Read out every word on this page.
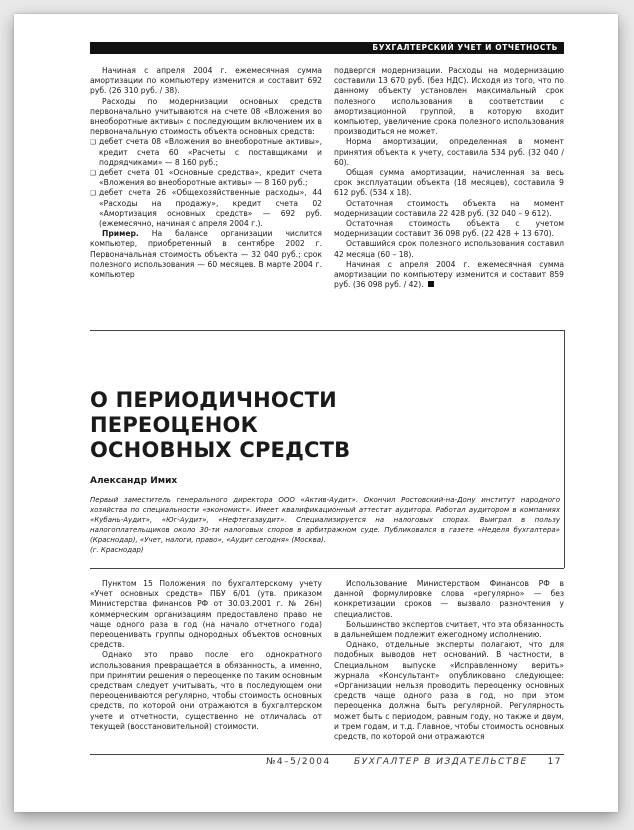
БУХГАЛТЕРСКИЙ УЧЕТ И ОТЧЕТНОСТЬ

Начиная с апреля 2004 г. ежемесячная сумма амортизации по компьютеру изменится и составит 692 руб. (26 310 руб. / 38).

Расходы по модернизации основных средств первоначально учитываются на счете 08 «Вложения во внеоборотные активы» с последующим включением их в первоначальную стоимость объекта основных средств:

❑ дебет счета 08 «Вложения во внеоборотные активы», кредит счета 60 «Расчеты с поставщиками и подрядчиками» — 8 160 руб.;

❑ дебет счета 01 «Основные средства», кредит счета «Вложения во внеоборотные активы» — 8 160 руб.;

❑ дебет счета 26 «Общехозяйственные расходы», 44 «Расходы на продажу», кредит счета 02 «Амортизация основных средств» — 692 руб. (ежемесячно, начиная с апреля 2004 г.).

Пример. На балансе организации числится компьютер, приобретенный в сентябре 2002 г. Первоначальная стоимость объекта — 32 040 руб.; срок полезного использования — 60 месяцев. В марте 2004 г. компьютер

подвергся модернизации. Расходы на модернизацию составили 13 670 руб. (без НДС). Исходя из того, что по данному объекту установлен максимальный срок полезного использования в соответствии с амортизационной группой, в которую входит компьютер, увеличение срока полезного использования производиться не может.

Норма амортизации, определенная в момент принятия объекта к учету, составила 534 руб. (32 040 / 60).

Общая сумма амортизации, начисленная за весь срок эксплуатации объекта (18 месяцев), составила 9 612 руб. (534 х 18).

Остаточная стоимость объекта на момент модернизации составила 22 428 руб. (32 040 – 9 612).

Остаточная стоимость объекта с учетом модернизации составит 36 098 руб. (22 428 + 13 670).

Оставшийся срок полезного использования составил 42 месяца (60 – 18).

Начиная с апреля 2004 г. ежемесячная сумма амортизации по компьютеру изменится и составит 859 руб. (36 098 руб. / 42).

О ПЕРИОДИЧНОСТИ ПЕРЕОЦЕНОК
ОСНОВНЫХ СРЕДСТВ
Александр Имих
Первый заместитель генерального директора ООО «Актив-Аудит». Окончил Ростовский-на-Дону институт народного хозяйства по специальности «экономист». Имеет квалификационный аттестат аудитора. Работал аудитором в компаниях «Кубань-Аудит», «Юг-Аудит», «Нефтегазаудит». Специализируется на налоговых спорах. Выиграл в пользу налогоплательщиков около 30-ти налоговых споров в арбитражном суде. Публиковался в газете «Неделя бухгалтера» (Краснодар), «Учет, налоги, право», «Аудит сегодня» (Москва).
(г. Краснодар)

Пунктом 15 Положения по бухгалтерскому учету «Учет основных средств» ПБУ 6/01 (утв. приказом Министерства финансов РФ от 30.03.2001 г. № 26н) коммерческим организациям предоставлено право не чаще одного раза в год (на начало отчетного года) переоценивать группы однородных объектов основных средств.

Однако это право после его однократного использования превращается в обязанность, а именно, при принятии решения о переоценке по таким основным средствам следует учитывать, что в последующем они переоцениваются регулярно, чтобы стоимость основных средств, по которой они отражаются в бухгалтерском учете и отчетности, существенно не отличалась от текущей (восстановительной) стоимости.

Использование Министерством Финансов РФ в данной формулировке слова «регулярно» — без конкретизации сроков — вызвало разночтения у специалистов.

Большинство экспертов считает, что эта обязанность в дальнейшем подлежит ежегодному исполнению.

Однако, отдельные эксперты полагают, что для подобных выводов нет оснований. В частности, в Специальном выпуске «Исправленному верить» журнала «Консультант» опубликовано следующее: «Организации нельзя проводить переоценку основных средств чаще одного раза в год, но при этом переоценка должна быть регулярной. Регулярность может быть с периодом, равным году, но также и двум, и трем годам, и т.д. Главное, чтобы стоимость основных средств, по которой они отражаются

№4–5/2004	БУХГАЛТЕР В ИЗДАТЕЛЬСТВЕ 17
